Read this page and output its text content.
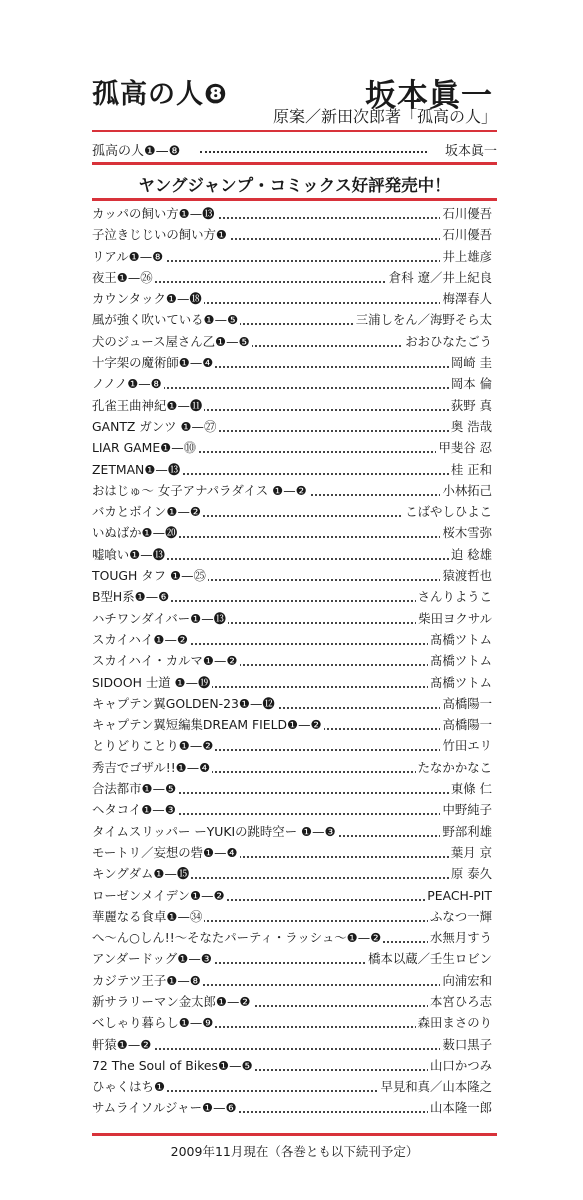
孤高の人❽	坂本眞一
原案／新田次郎著「孤高の人」
孤高の人❶—❽	坂本眞一
ヤングジャンプ・コミックス好評発売中！
カッパの飼い方❶—⓭	石川優吾
子泣きじじいの飼い方❶	石川優吾
リアル❶—❽	井上雄彦
夜王❶—㉖	倉科 遼／井上紀良
カウンタック❶—⓲	梅澤春人
風が強く吹いている❶—❺	三浦しをん／海野そら太
犬のジュース屋さん乙❶—❺	おおひなたごう
十字架の魔術師❶—❹	岡崎 圭
ノノノ❶—❽	岡本 倫
孔雀王曲神紀❶—⓫	荻野 真
GANTZ ガンツ ❶—㉗	奥 浩哉
LIAR GAME❶—⓾	甲斐谷 忍
ZETMAN❶—⓭	桂 正和
おはじゅ〜 女子アナパラダイス ❶—❷	小林拓己
バカとボイン❶—❷	こばやしひよこ
いぬばか❶—⓴	桜木雪弥
嘘喰い❶—⓭	迫 稔雄
TOUGH タフ ❶—㉕	猿渡哲也
B型H系❶—❻	さんりようこ
ハチワンダイバー❶—⓭	柴田ヨクサル
スカイハイ❶—❷	髙橋ツトム
スカイハイ・カルマ❶—❷	髙橋ツトム
SIDOOH 士道 ❶—⓳	髙橋ツトム
キャプテン翼GOLDEN-23❶—⓬	高橋陽一
キャプテン翼短編集DREAM FIELD❶—❷	高橋陽一
とりどりことり❶—❷	竹田エリ
秀吉でゴザル!!❶—❹	たなかかなこ
合法都市❶—❺	東條 仁
ヘタコイ❶—❸	中野純子
タイムスリッパー ーYUKIの跳時空ー ❶—❸	野部利雄
モートリ／妄想の砦❶—❹	葉月 京
キングダム❶—⓯	原 泰久
ローゼンメイデン❶—❷	PEACH-PIT
華麗なる食卓❶—㉞	ふなつ一輝
へ〜ん○しん!!〜そなたパーティ・ラッシュ〜❶—❷	水無月すう
アンダードッグ❶—❸	橋本以蔵／壬生ロビン
カジテツ王子❶—❽	向浦宏和
新サラリーマン金太郎❶—❷	本宮ひろ志
べしゃり暮らし❶—❾	森田まさのり
軒猿❶—❷	薮口黒子
72 The Soul of Bikes❶—❺	山口かつみ
ひゃくはち❶	早見和真／山本隆之
サムライソルジャー❶—❻	山本隆一郎
2009年11月現在（各巻とも以下続刊予定）
